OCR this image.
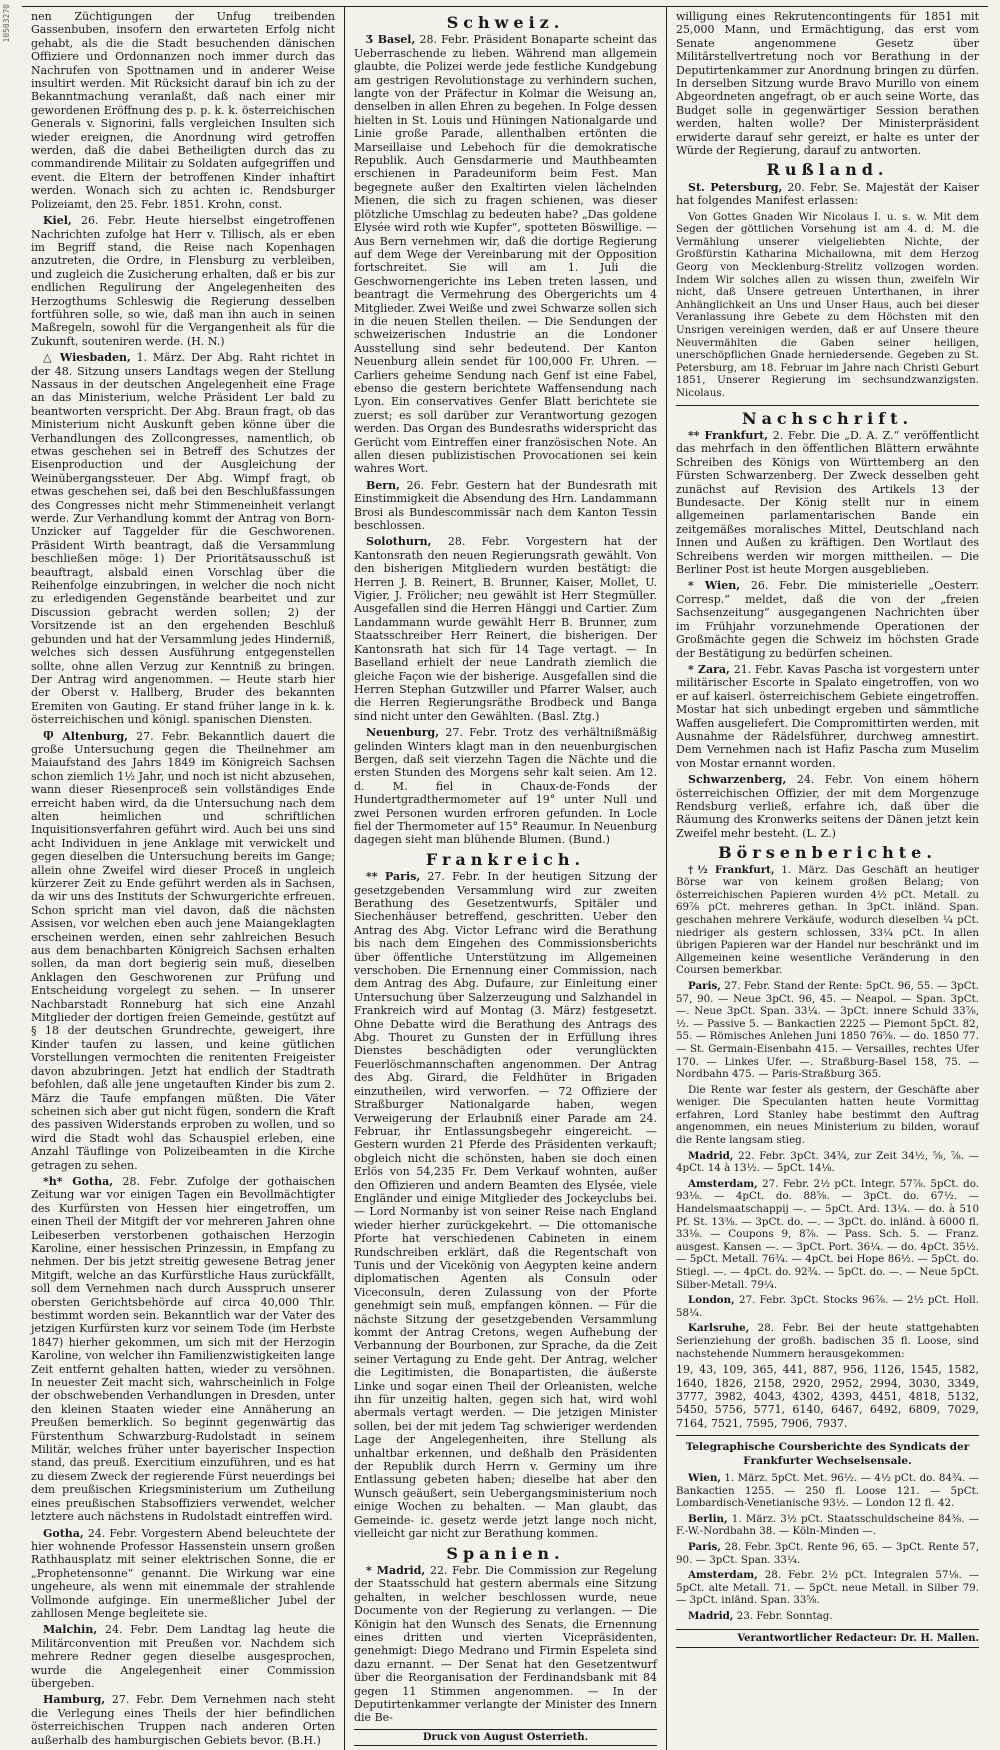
10503270 nen Züchtigungen der Unfug treibenden Gassenbuben, insofern den erwarteten Erfolg nicht gehabt, als die die Stadt besuchenden dänischen Offiziere und Ordonnanzen noch immer durch das Nachrufen von Spottnamen und in anderer Weise insultirt werden. Mit Rücksicht darauf bin ich zu der Bekanntmachung veranlaßt, daß nach einer mir gewordenen Eröffnung des p. p. k. k. österreichischen Generals v. Signorini, falls vergleichen Insulten sich wieder ereignen, die Anordnung wird getroffen werden, daß die dabei Betheiligten durch das zu commandirende Militair zu Soldaten aufgegriffen und event. die Eltern der betroffenen Kinder inhaftirt werden. Wonach sich zu achten ic. Rendsburger Polizeiamt, den 25. Febr. 1851. Krohn, const.

Kiel, 26. Febr. Heute hierselbst eingetroffenen Nachrichten zufolge hat Herr v. Tillisch, als er eben im Begriff stand, die Reise nach Kopenhagen anzutreten, die Ordre, in Flensburg zu verbleiben, und zugleich die Zusicherung erhalten, daß er bis zur endlichen Regulirung der Angelegenheiten des Herzogthums Schleswig die Regierung desselben fortführen solle, so wie, daß man ihn auch in seinen Maßregeln, sowohl für die Vergangenheit als für die Zukunft, souteniren werde. (H. N.)

△ Wiesbaden, 1. März. Der Abg. Raht richtet in der 48. Sitzung unsers Landtags wegen der Stellung Nassaus in der deutschen Angelegenheit eine Frage an das Ministerium, welche Präsident Ler bald zu beantworten verspricht. Der Abg. Braun fragt, ob das Ministerium nicht Auskunft geben könne über die Verhandlungen des Zollcongresses, namentlich, ob etwas geschehen sei in Betreff des Schutzes der Eisenproduction und der Ausgleichung der Weinübergangssteuer. Der Abg. Wimpf fragt, ob etwas geschehen sei, daß bei den Beschlußfassungen des Congresses nicht mehr Stimmeneinheit verlangt werde. Zur Verhandlung kommt der Antrag von Born-Unzicker auf Taggelder für die Geschworenen. Präsident Wirth beantragt, daß die Versammlung beschließen möge: 1) Der Prioritätsausschuß ist beauftragt, alsbald einen Vorschlag über die Reihenfolge einzubringen, in welcher die noch nicht zu erledigenden Gegenstände bearbeitet und zur Discussion gebracht werden sollen; 2) der Vorsitzende ist an den ergehenden Beschluß gebunden und hat der Versammlung jedes Hinderniß, welches sich dessen Ausführung entgegenstellen sollte, ohne allen Verzug zur Kenntniß zu bringen. Der Antrag wird angenommen. — Heute starb hier der Oberst v. Hallberg, Bruder des bekannten Eremiten von Gauting. Er stand früher lange in k. k. österreichischen und königl. spanischen Diensten.

Ⴔ Altenburg, 27. Febr. Bekanntlich dauert die große Untersuchung gegen die Theilnehmer am Maiaufstand des Jahrs 1849 im Königreich Sachsen schon ziemlich 1½ Jahr, und noch ist nicht abzusehen, wann dieser Riesenproceß sein vollständiges Ende erreicht haben wird, da die Untersuchung nach dem alten heimlichen und schriftlichen Inquisitionsverfahren geführt wird. Auch bei uns sind acht Individuen in jene Anklage mit verwickelt und gegen dieselben die Untersuchung bereits im Gange; allein ohne Zweifel wird dieser Proceß in ungleich kürzerer Zeit zu Ende geführt werden als in Sachsen, da wir uns des Instituts der Schwurgerichte erfreuen. Schon spricht man viel davon, daß die nächsten Assisen, vor welchen eben auch jene Maiangeklagten erscheinen werden, einen sehr zahlreichen Besuch aus dem benachbarten Königreich Sachsen erhalten sollen, da man dort begierig sein muß, dieselben Anklagen den Geschworenen zur Prüfung und Entscheidung vorgelegt zu sehen. — In unserer Nachbarstadt Ronneburg hat sich eine Anzahl Mitglieder der dortigen freien Gemeinde, gestützt auf § 18 der deutschen Grundrechte, geweigert, ihre Kinder taufen zu lassen, und keine gütlichen Vorstellungen vermochten die renitenten Freigeister davon abzubringen. Jetzt hat endlich der Stadtrath befohlen, daß alle jene ungetauften Kinder bis zum 2. März die Taufe empfangen müßten. Die Väter scheinen sich aber gut nicht fügen, sondern die Kraft des passiven Widerstands erproben zu wollen, und so wird die Stadt wohl das Schauspiel erleben, eine Anzahl Täuflinge von Polizeibeamten in die Kirche getragen zu sehen.

*h* Gotha, 28. Febr. Zufolge der gothaischen Zeitung war vor einigen Tagen ein Bevollmächtigter des Kurfürsten von Hessen hier eingetroffen, um einen Theil der Mitgift der vor mehreren Jahren ohne Leibeserben verstorbenen gothaischen Herzogin Karoline, einer hessischen Prinzessin, in Empfang zu nehmen. Der bis jetzt streitig gewesene Betrag jener Mitgift, welche an das Kurfürstliche Haus zurückfällt, soll dem Vernehmen nach durch Ausspruch unserer obersten Gerichtsbehörde auf circa 40,000 Thlr. bestimmt worden sein. Bekanntlich war der Vater des jetzigen Kurfürsten kurz vor seinem Tode (im Herbste 1847) hierher gekommen, um sich mit der Herzogin Karoline, von welcher ihn Familienzwistigkeiten lange Zeit entfernt gehalten hatten, wieder zu versöhnen. In neuester Zeit macht sich, wahrscheinlich in Folge der obschwebenden Verhandlungen in Dresden, unter den kleinen Staaten wieder eine Annäherung an Preußen bemerklich. So beginnt gegenwärtig das Fürstenthum Schwarzburg-Rudolstadt in seinem Militär, welches früher unter bayerischer Inspection stand, das preuß. Exercitium einzuführen, und es hat zu diesem Zweck der regierende Fürst neuerdings bei dem preußischen Kriegsministerium um Zutheilung eines preußischen Stabsoffiziers verwendet, welcher letztere auch nächstens in Rudolstadt eintreffen wird.

Gotha, 24. Febr. Vorgestern Abend beleuchtete der hier wohnende Professor Hassenstein unsern großen Rathhausplatz mit seiner elektrischen Sonne, die er „Prophetensonne“ genannt. Die Wirkung war eine ungeheure, als wenn mit einemmale der strahlende Vollmonde aufginge. Ein unermeßlicher Jubel der zahllosen Menge begleitete sie.

Malchin, 24. Febr. Dem Landtag lag heute die Militärconvention mit Preußen vor. Nachdem sich mehrere Redner gegen dieselbe ausgesprochen, wurde die Angelegenheit einer Commission übergeben.

Hamburg, 27. Febr. Dem Vernehmen nach steht die Verlegung eines Theils der hier befindlichen österreichischen Truppen nach anderen Orten außerhalb des hamburgischen Gebiets bevor. (B.H.)

Schweiz.

Ӡ Basel, 28. Febr. Präsident Bonaparte scheint das Ueberraschende zu lieben. Während man allgemein glaubte, die Polizei werde jede festliche Kundgebung am gestrigen Revolutionstage zu verhindern suchen, langte von der Präfectur in Kolmar die Weisung an, denselben in allen Ehren zu begehen. In Folge dessen hielten in St. Louis und Hüningen Nationalgarde und Linie große Parade, allenthalben ertönten die Marseillaise und Lebehoch für die demokratische Republik. Auch Gensdarmerie und Mauthbeamten erschienen in Paradeuniform beim Fest. Man begegnete außer den Exaltirten vielen lächelnden Mienen, die sich zu fragen schienen, was dieser plötzliche Umschlag zu bedeuten habe? „Das goldene Elysée wird roth wie Kupfer“, spotteten Böswillige. — Aus Bern vernehmen wir, daß die dortige Regierung auf dem Wege der Vereinbarung mit der Opposition fortschreitet. Sie will am 1. Juli die Geschwornengerichte ins Leben treten lassen, und beantragt die Vermehrung des Obergerichts um 4 Mitglieder. Zwei Weiße und zwei Schwarze sollen sich in die neuen Stellen theilen. — Die Sendungen der schweizerischen Industrie an die Londoner Ausstellung sind sehr bedeutend. Der Kanton Neuenburg allein sendet für 100,000 Fr. Uhren. — Carliers geheime Sendung nach Genf ist eine Fabel, ebenso die gestern berichtete Waffensendung nach Lyon. Ein conservatives Genfer Blatt berichtete sie zuerst; es soll darüber zur Verantwortung gezogen werden. Das Organ des Bundesraths widerspricht das Gerücht vom Eintreffen einer französischen Note. An allen diesen publizistischen Provocationen sei kein wahres Wort.

Bern, 26. Febr. Gestern hat der Bundesrath mit Einstimmigkeit die Absendung des Hrn. Landammann Brosi als Bundescommissär nach dem Kanton Tessin beschlossen.

Solothurn, 28. Febr. Vorgestern hat der Kantonsrath den neuen Regierungsrath gewählt. Von den bisherigen Mitgliedern wurden bestätigt: die Herren J. B. Reinert, B. Brunner, Kaiser, Mollet, U. Vigier, J. Frölicher; neu gewählt ist Herr Stegmüller. Ausgefallen sind die Herren Hänggi und Cartier. Zum Landammann wurde gewählt Herr B. Brunner, zum Staatsschreiber Herr Reinert, die bisherigen. Der Kantonsrath hat sich für 14 Tage vertagt. — In Baselland erhielt der neue Landrath ziemlich die gleiche Façon wie der bisherige. Ausgefallen sind die Herren Stephan Gutzwiller und Pfarrer Walser, auch die Herren Regierungsräthe Brodbeck und Banga sind nicht unter den Gewählten. (Basl. Ztg.)

Neuenburg, 27. Febr. Trotz des verhältnißmäßig gelinden Winters klagt man in den neuenburgischen Bergen, daß seit vierzehn Tagen die Nächte und die ersten Stunden des Morgens sehr kalt seien. Am 12. d. M. fiel in Chaux-de-Fonds der Hundertgradthermometer auf 19° unter Null und zwei Personen wurden erfroren gefunden. In Locle fiel der Thermometer auf 15° Reaumur. In Neuenburg dagegen sieht man blühende Blumen. (Bund.)

Frankreich.

** Paris, 27. Febr. In der heutigen Sitzung der gesetzgebenden Versammlung wird zur zweiten Berathung des Gesetzentwurfs, Spitäler und Siechenhäuser betreffend, geschritten. Ueber den Antrag des Abg. Victor Lefranc wird die Berathung bis nach dem Eingehen des Commissionsberichts über öffentliche Unterstützung im Allgemeinen verschoben. Die Ernennung einer Commission, nach dem Antrag des Abg. Dufaure, zur Einleitung einer Untersuchung über Salzerzeugung und Salzhandel in Frankreich wird auf Montag (3. März) festgesetzt. Ohne Debatte wird die Berathung des Antrags des Abg. Thouret zu Gunsten der in Erfüllung ihres Dienstes beschädigten oder verunglückten Feuerlöschmannschaften angenommen. Der Antrag des Abg. Girard, die Feldhüter in Brigaden einzutheilen, wird verworfen. — 72 Offiziere der Straßburger Nationalgarde haben, wegen Verweigerung der Erlaubniß einer Parade am 24. Februar, ihr Entlassungsbegehr eingereicht. — Gestern wurden 21 Pferde des Präsidenten verkauft; obgleich nicht die schönsten, haben sie doch einen Erlös von 54,235 Fr. Dem Verkauf wohnten, außer den Offizieren und andern Beamten des Elysée, viele Engländer und einige Mitglieder des Jockeyclubs bei. — Lord Normanby ist von seiner Reise nach England wieder hierher zurückgekehrt. — Die ottomanische Pforte hat verschiedenen Cabineten in einem Rundschreiben erklärt, daß die Regentschaft von Tunis und der Vicekönig von Aegypten keine andern diplomatischen Agenten als Consuln oder Viceconsuln, deren Zulassung von der Pforte genehmigt sein muß, empfangen können. — Für die nächste Sitzung der gesetzgebenden Versammlung kommt der Antrag Cretons, wegen Aufhebung der Verbannung der Bourbonen, zur Sprache, da die Zeit seiner Vertagung zu Ende geht. Der Antrag, welcher die Legitimisten, die Bonapartisten, die äußerste Linke und sogar einen Theil der Orleanisten, welche ihn für unzeitig halten, gegen sich hat, wird wohl abermals vertagt werden. — Die jetzigen Minister sollen, bei der mit jedem Tag schwieriger werdenden Lage der Angelegenheiten, ihre Stellung als unhaltbar erkennen, und deßhalb den Präsidenten der Republik durch Herrn v. Germiny um ihre Entlassung gebeten haben; dieselbe hat aber den Wunsch geäußert, sein Uebergangsministerium noch einige Wochen zu behalten. — Man glaubt, das Gemeinde- ic. gesetz werde jetzt lange noch nicht, vielleicht gar nicht zur Berathung kommen.

Spanien.

* Madrid, 22. Febr. Die Commission zur Regelung der Staatsschuld hat gestern abermals eine Sitzung gehalten, in welcher beschlossen wurde, neue Documente von der Regierung zu verlangen. — Die Königin hat den Wunsch des Senats, die Ernennung eines dritten und vierten Vicepräsidenten, genehmigt: Diego Medrano und Firmin Espeleta sind dazu ernannt. — Der Senat hat den Gesetzentwurf über die Reorganisation der Ferdinandsbank mit 84 gegen 11 Stimmen angenommen. — In der Deputirtenkammer verlangte der Minister des Innern die Be-

Druck von August Osterrieth.

willigung eines Rekrutencontingents für 1851 mit 25,000 Mann, und Ermächtigung, das erst vom Senate angenommene Gesetz über Militärstellvertretung noch vor Berathung in der Deputirtenkammer zur Anordnung bringen zu dürfen. In derselben Sitzung wurde Bravo Murillo von einem Abgeordneten angefragt, ob er auch seine Worte, das Budget solle in gegenwärtiger Session berathen werden, halten wolle? Der Ministerpräsident erwiderte darauf sehr gereizt, er halte es unter der Würde der Regierung, darauf zu antworten.

Rußland.

St. Petersburg, 20. Febr. Se. Majestät der Kaiser hat folgendes Manifest erlassen:

Von Gottes Gnaden Wir Nicolaus I. u. s. w. Mit dem Segen der göttlichen Vorsehung ist am 4. d. M. die Vermählung unserer vielgeliebten Nichte, der Großfürstin Katharina Michailowna, mit dem Herzog Georg von Mecklenburg-Strelitz vollzogen worden. Indem Wir solches allen zu wissen thun, zweifeln Wir nicht, daß Unsere getreuen Unterthanen, in ihrer Anhänglichkeit an Uns und Unser Haus, auch bei dieser Veranlassung ihre Gebete zu dem Höchsten mit den Unsrigen vereinigen werden, daß er auf Unsere theure Neuvermählten die Gaben seiner heiligen, unerschöpflichen Gnade herniedersende. Gegeben zu St. Petersburg, am 18. Februar im Jahre nach Christi Geburt 1851, Unserer Regierung im sechsundzwanzigsten. Nicolaus.

Nachschrift.

** Frankfurt, 2. Febr. Die „D. A. Z.“ veröffentlicht das mehrfach in den öffentlichen Blättern erwähnte Schreiben des Königs von Württemberg an den Fürsten Schwarzenberg. Der Zweck desselben geht zunächst auf Revision des Artikels 13 der Bundesacte. Der König stellt nur in einem allgemeinen parlamentarischen Bande ein zeitgemäßes moralisches Mittel, Deutschland nach Innen und Außen zu kräftigen. Den Wortlaut des Schreibens werden wir morgen mittheilen. — Die Berliner Post ist heute Morgen ausgeblieben.

* Wien, 26. Febr. Die ministerielle „Oesterr. Corresp.“ meldet, daß die von der „freien Sachsenzeitung“ ausgegangenen Nachrichten über im Frühjahr vorzunehmende Operationen der Großmächte gegen die Schweiz im höchsten Grade der Bestätigung zu bedürfen scheinen.

* Zara, 21. Febr. Kavas Pascha ist vorgestern unter militärischer Escorte in Spalato eingetroffen, von wo er auf kaiserl. österreichischem Gebiete eingetroffen. Mostar hat sich unbedingt ergeben und sämmtliche Waffen ausgeliefert. Die Compromittirten werden, mit Ausnahme der Rädelsführer, durchweg amnestirt. Dem Vernehmen nach ist Hafiz Pascha zum Muselim von Mostar ernannt worden.

Schwarzenberg, 24. Febr. Von einem höhern österreichischen Offizier, der mit dem Morgenzuge Rendsburg verließ, erfahre ich, daß über die Räumung des Kronwerks seitens der Dänen jetzt kein Zweifel mehr besteht. (L. Z.)

Börsenberichte.

†½ Frankfurt, 1. März. Das Geschäft an heutiger Börse war von keinem großen Belang; von österreichischen Papieren wurden 4½ pCt. Metall. zu 69⅞ pCt. mehreres gethan. In 3pCt. inländ. Span. geschahen mehrere Verkäufe, wodurch dieselben ¼ pCt. niedriger als gestern schlossen, 33¼ pCt. In allen übrigen Papieren war der Handel nur beschränkt und im Allgemeinen keine wesentliche Veränderung in den Coursen bemerkbar.

Paris, 27. Febr. Stand der Rente: 5pCt. 96, 55. — 3pCt. 57, 90. — Neue 3pCt. 96, 45. — Neapol. — Span. 3pCt. —. Neue 3pCt. Span. 33¼. — 3pCt. innere Schuld 33⅞, ½. — Passive 5. — Bankactien 2225 — Piemont 5pCt. 82, 55. — Römisches Anlehen Juni 1850 76⅝. — do. 1850 77. — St. Germain-Eisenbahn 415. — Versailles, rechtes Ufer 170. — Linkes Ufer. —. Straßburg-Basel 158, 75. — Nordbahn 475. — Paris-Straßburg 365.

Die Rente war fester als gestern, der Geschäfte aber weniger. Die Speculanten hatten heute Vormittag erfahren, Lord Stanley habe bestimmt den Auftrag angenommen, ein neues Ministerium zu bilden, worauf die Rente langsam stieg.

Madrid, 22. Febr. 3pCt. 34¾, zur Zeit 34½, ⅝, ⅞. — 4pCt. 14 à 13½. — 5pCt. 14⅛.

Amsterdam, 27. Febr. 2½ pCt. Integr. 57⅞. 5pCt. do. 93⅛. — 4pCt. do. 88⅝. — 3pCt. do. 67½. — Handelsmaatschappij —. — 5pCt. Ard. 13¼. — do. à 510 Pf. St. 13⅜. — 3pCt. do. —. — 3pCt. do. inländ. à 6000 fl. 33⅛. — Coupons 9, 8⅞. — Pass. Sch. 5. — Franz. ausgest. Kansen —. — 3pCt. Port. 36¼. — do. 4pCt. 35½. — 5pCt. Metall. 76¾. — 4pCt. bei Hope 86½. — 5pCt. do. Stiegl. —. — 4pCt. do. 92¾. — 5pCt. do. —. — Neue 5pCt. Silber-Metall. 79¼.

London, 27. Febr. 3pCt. Stocks 96⅞. — 2½ pCt. Holl. 58¼.

Karlsruhe, 28. Febr. Bei der heute stattgehabten Serienziehung der großh. badischen 35 fl. Loose, sind nachstehende Nummern herausgekommen:

19, 43, 109, 365, 441, 887, 956, 1126, 1545, 1582, 1640, 1826, 2158, 2920, 2952, 2994, 3030, 3349, 3777, 3982, 4043, 4302, 4393, 4451, 4818, 5132, 5450, 5756, 5771, 6140, 6467, 6492, 6809, 7029, 7164, 7521, 7595, 7906, 7937.

Telegraphische Coursberichte des Syndicats der Frankfurter Wechselsensale.

Wien, 1. März. 5pCt. Met. 96½. — 4½ pCt. do. 84¾. — Bankactien 1255. — 250 fl. Loose 121. — 5pCt. Lombardisch-Venetianische 93½. — London 12 fl. 42.

Berlin, 1. März. 3½ pCt. Staatsschuldscheine 84⅜. — F.-W.-Nordbahn 38. — Köln-Minden —.

Paris, 28. Febr. 3pCt. Rente 96, 65. — 3pCt. Rente 57, 90. — 3pCt. Span. 33¼.

Amsterdam, 28. Febr. 2½ pCt. Integralen 57⅛. — 5pCt. alte Metall. 71. — 5pCt. neue Metall. in Silber 79. — 3pCt. inländ. Span. 33⅝.

Madrid, 23. Febr. Sonntag.

Verantwortlicher Redacteur: Dr. H. Mallen.
